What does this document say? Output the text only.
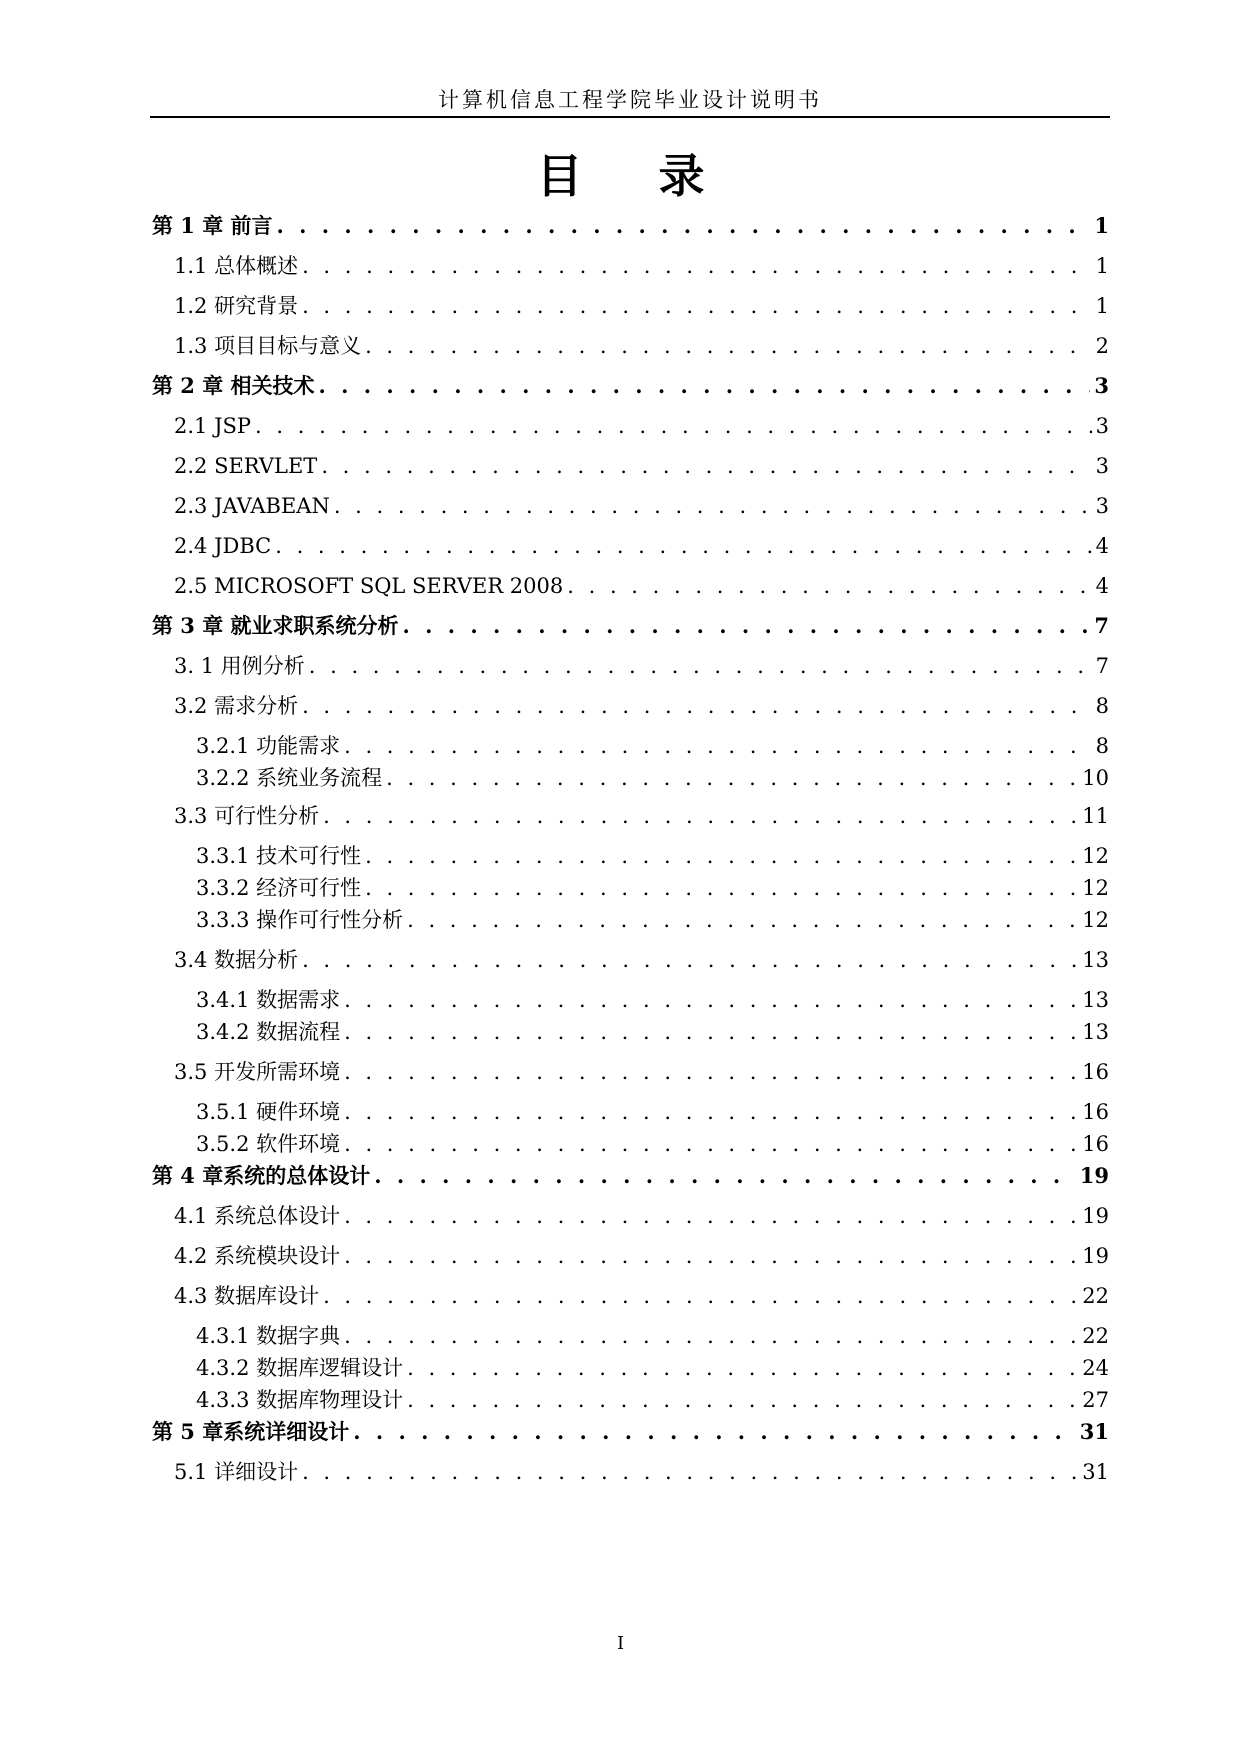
计算机信息工程学院毕业设计说明书
目 录
第 1 章 前言 . . .	1
1.1 总体概述 . . .	1
1.2 研究背景 . . .	1
1.3 项目目标与意义 . . .	2
第 2 章 相关技术 . . .	3
2.1 JSP . . .	3
2.2 SERVLET . . .	3
2.3 JAVABEAN . . .	3
2.4 JDBC . . .	4
2.5 MICROSOFT SQL SERVER 2008 . . .	4
第 3 章 就业求职系统分析 . . .	7
3. 1 用例分析 . . .	7
3.2 需求分析 . . .	8
3.2.1 功能需求 . . .	8
3.2.2 系统业务流程 . . .	10
3.3 可行性分析 . . .	11
3.3.1 技术可行性 . . .	12
3.3.2 经济可行性 . . .	12
3.3.3 操作可行性分析 . . .	12
3.4 数据分析 . . .	13
3.4.1 数据需求 . . .	13
3.4.2 数据流程 . . .	13
3.5 开发所需环境 . . .	16
3.5.1 硬件环境 . . .	16
3.5.2 软件环境 . . .	16
第 4 章系统的总体设计 . . .	19
4.1 系统总体设计 . . .	19
4.2 系统模块设计 . . .	19
4.3 数据库设计 . . .	22
4.3.1 数据字典 . . .	22
4.3.2 数据库逻辑设计 . . .	24
4.3.3 数据库物理设计 . . .	27
第 5 章系统详细设计 . . .	31
5.1 详细设计 . . .	31
I
